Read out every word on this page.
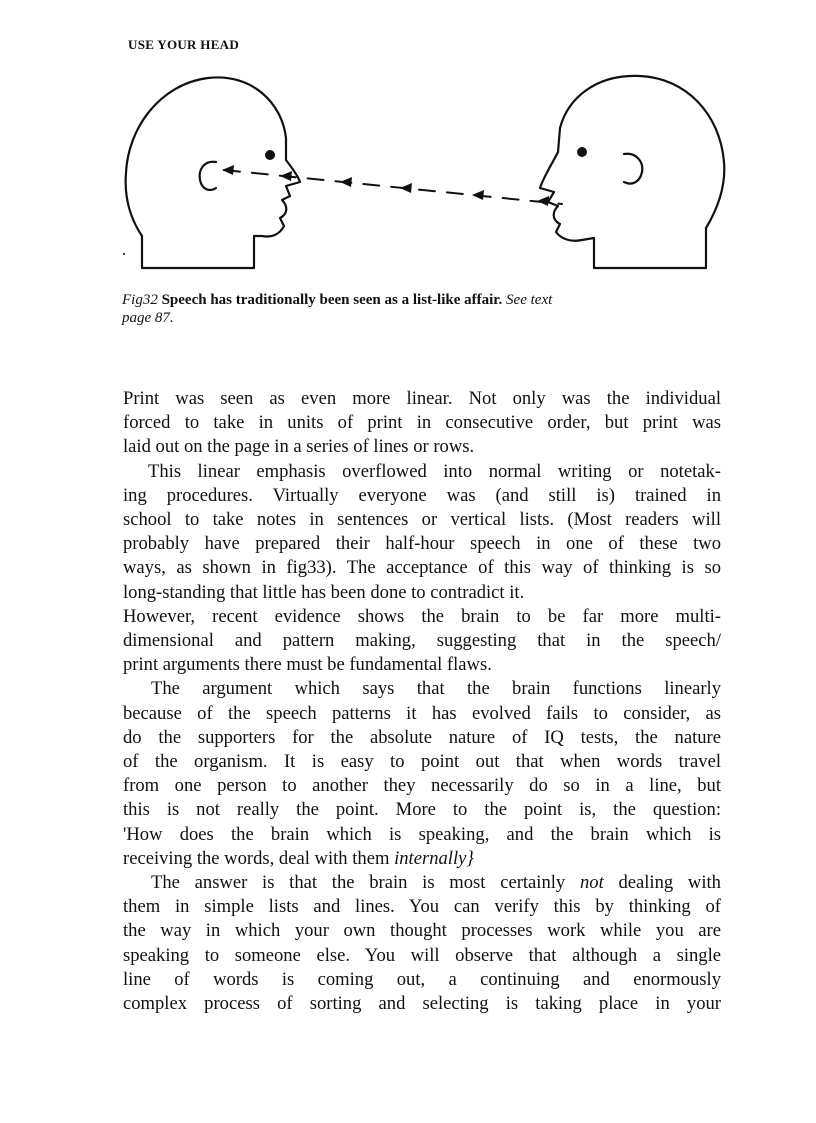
USE YOUR HEAD
Fig32 Speech has traditionally been seen as a list-like affair. See text
page 87.
Print was seen as even more linear. Not only was the individual
forced to take in units of print in consecutive order, but print was
laid out on the page in a series of lines or rows.
This linear emphasis overflowed into normal writing or notetak-
ing procedures. Virtually everyone was (and still is) trained in
school to take notes in sentences or vertical lists. (Most readers will
probably have prepared their half-hour speech in one of these two
ways, as shown in fig33). The acceptance of this way of thinking is so
long-standing that little has been done to contradict it.
However, recent evidence shows the brain to be far more multi-
dimensional and pattern making, suggesting that in the speech/
print arguments there must be fundamental flaws.
The argument which says that the brain functions linearly
because of the speech patterns it has evolved fails to consider, as
do the supporters for the absolute nature of IQ tests, the nature
of the organism. It is easy to point out that when words travel
from one person to another they necessarily do so in a line, but
this is not really the point. More to the point is, the question:
'How does the brain which is speaking, and the brain which is
receiving the words, deal with them internally}
The answer is that the brain is most certainly not dealing with
them in simple lists and lines. You can verify this by thinking of
the way in which your own thought processes work while you are
speaking to someone else. You will observe that although a single
line of words is coming out, a continuing and enormously
complex process of sorting and selecting is taking place in your
